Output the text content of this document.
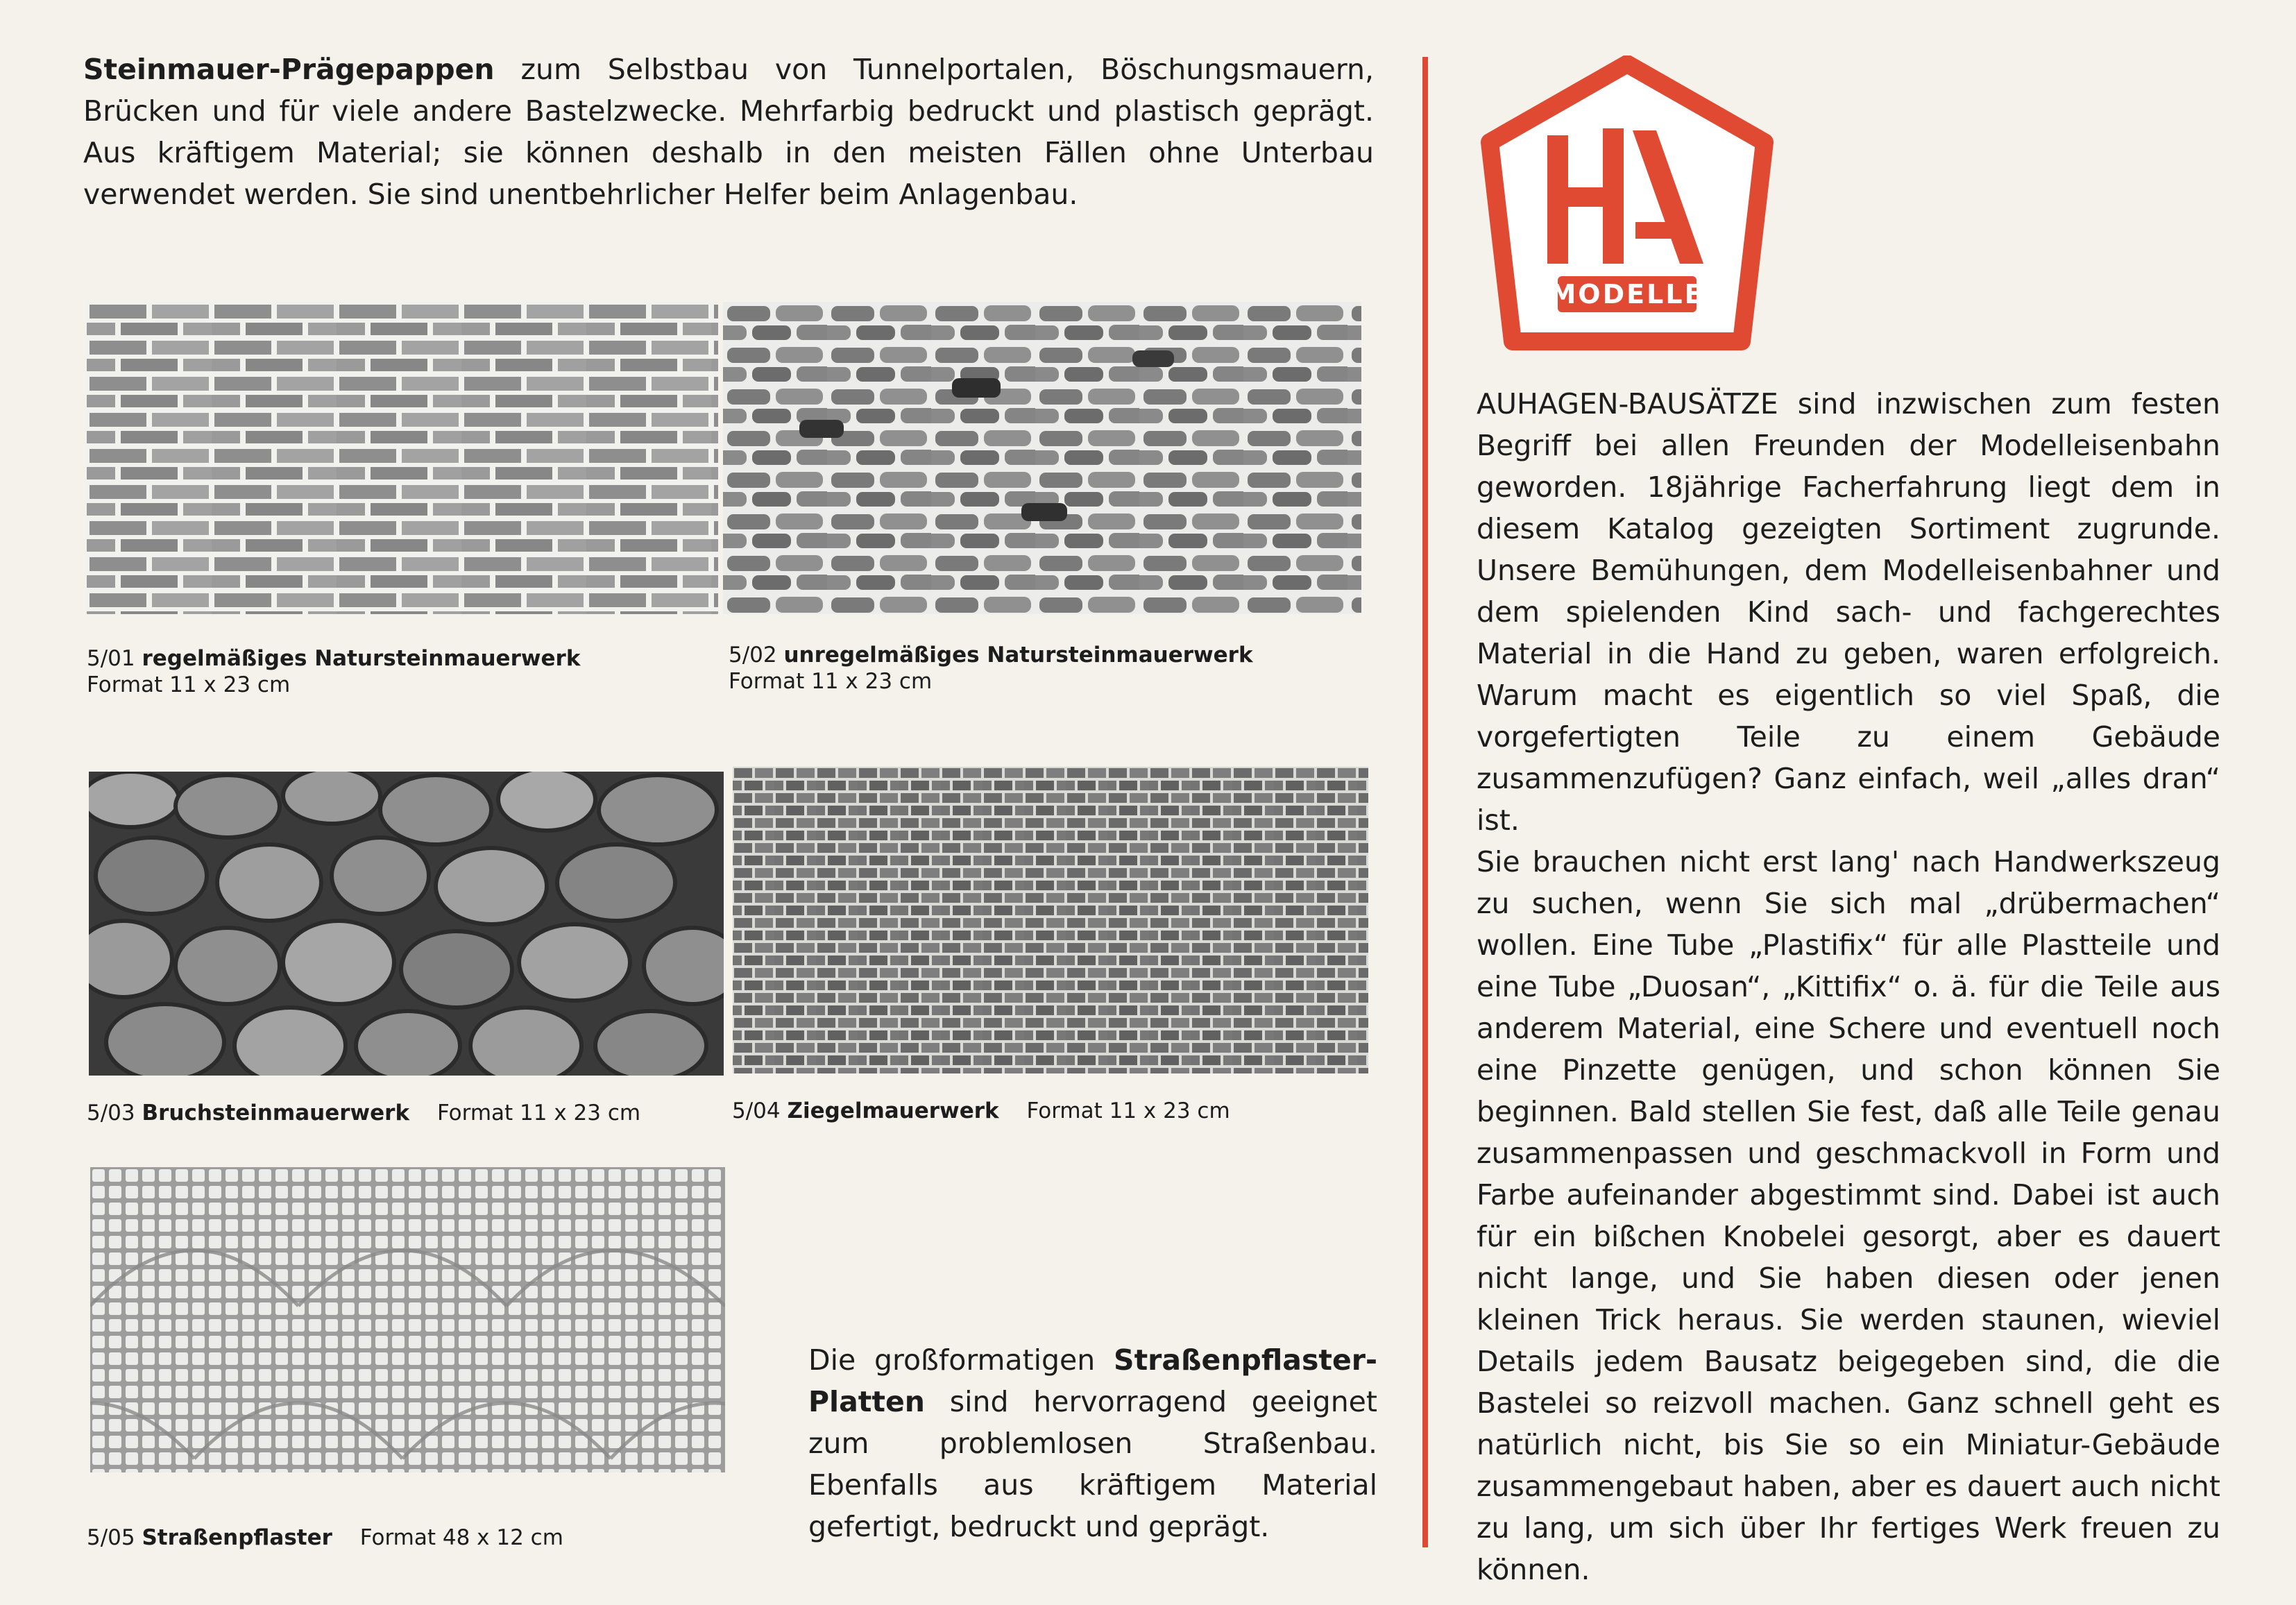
Steinmauer-Prägepappen zum Selbstbau von Tunnelportalen, Böschungsmauern, Brücken und für viele andere Bastelzwecke. Mehrfarbig bedruckt und plastisch geprägt. Aus kräftigem Material; sie können deshalb in den meisten Fällen ohne Unterbau verwendet werden. Sie sind unentbehrlicher Helfer beim Anlagenbau.

5/01 regelmäßiges Natursteinmauerwerk
Format 11 x 23 cm

5/02 unregelmäßiges Natursteinmauerwerk
Format 11 x 23 cm

5/03 Bruchsteinmauerwerk Format 11 x 23 cm	5/04 Ziegelmauerwerk Format 11 x 23 cm

5/05 Straßenpflaster Format 48 x 12 cm

Die großformatigen Straßenpflaster-Platten sind hervorragend geeignet zum problemlosen Straßenbau. Ebenfalls aus kräftigem Material gefertigt, bedruckt und geprägt.

MODELLE

AUHAGEN-BAUSÄTZE sind inzwischen zum festen Begriff bei allen Freunden der Modelleisenbahn geworden. 18jährige Facherfahrung liegt dem in diesem Katalog gezeigten Sortiment zugrunde. Unsere Bemühungen, dem Modelleisenbahner und dem spielenden Kind sach- und fachgerechtes Material in die Hand zu geben, waren erfolgreich. Warum macht es eigentlich so viel Spaß, die vorgefertigten Teile zu einem Gebäude zusammenzufügen? Ganz einfach, weil „alles dran“ ist.
Sie brauchen nicht erst lang' nach Handwerkszeug zu suchen, wenn Sie sich mal „drübermachen“ wollen. Eine Tube „Plastifix“ für alle Plastteile und eine Tube „Duosan“, „Kittifix“ o. ä. für die Teile aus anderem Material, eine Schere und eventuell noch eine Pinzette genügen, und schon können Sie beginnen. Bald stellen Sie fest, daß alle Teile genau zusammenpassen und geschmackvoll in Form und Farbe aufeinander abgestimmt sind. Dabei ist auch für ein bißchen Knobelei gesorgt, aber es dauert nicht lange, und Sie haben diesen oder jenen kleinen Trick heraus. Sie werden staunen, wieviel Details jedem Bausatz beigegeben sind, die die Bastelei so reizvoll machen. Ganz schnell geht es natürlich nicht, bis Sie so ein Miniatur-Gebäude zusammengebaut haben, aber es dauert auch nicht zu lang, um sich über Ihr fertiges Werk freuen zu können.
